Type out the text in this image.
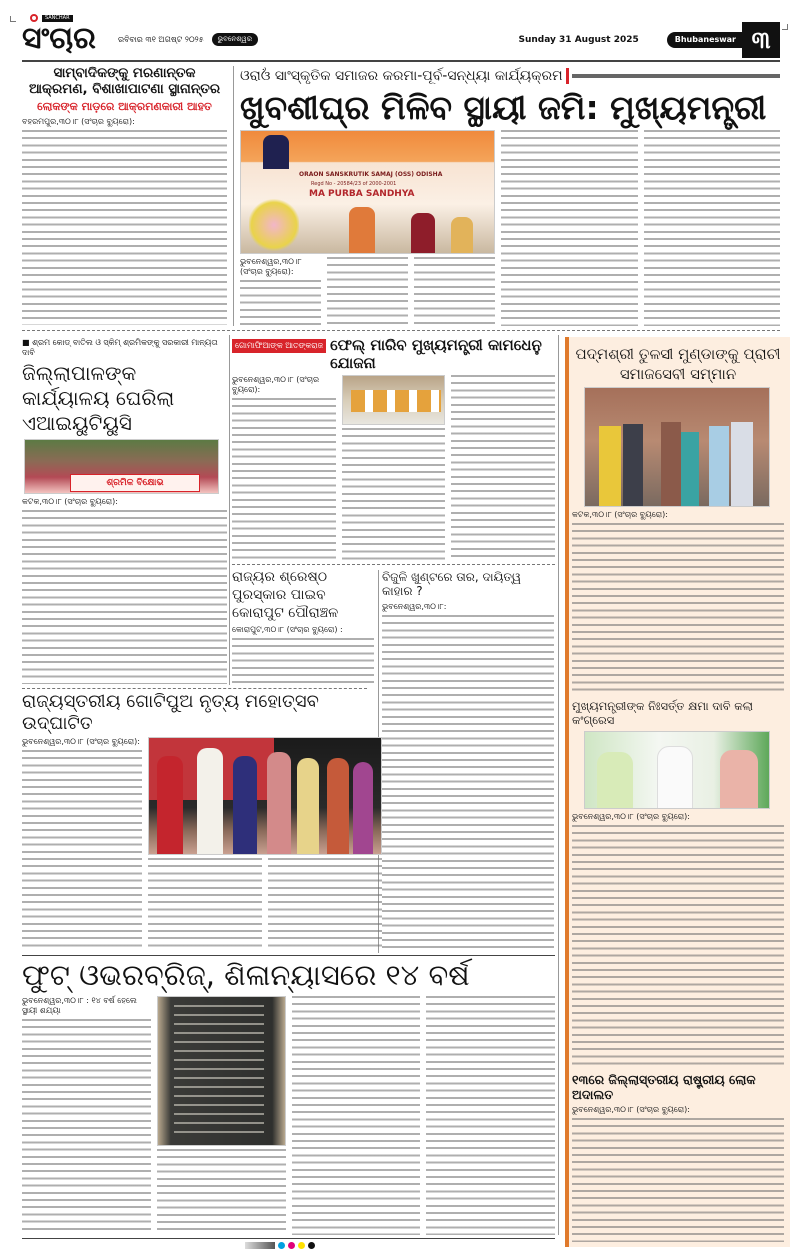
SANCHAR
ସଂଚାର	ରବିବାର ୩୧ ଅଗଷ୍ଟ ୨୦୨୫	ଭୁବନେଶ୍ୱର	Sunday 31 August 2025	Bhubaneswar ୩
ସାମ୍ବାଦିକଙ୍କୁ ମରଣାନ୍ତକ ଆକ୍ରମଣ, ବିଶାଖାପାଟଣା ସ୍ଥାନାନ୍ତର
ଲୋକଙ୍କ ମାଡ଼ରେ ଆକ୍ରମଣକାରୀ ଆହତ
ବହରମପୁର,୩୦।୮ (ସଂଚାର ବ୍ୟୁରୋ):
ଓରାଓଁ ସାଂସ୍କୃତିକ ସମାଜର କରମା-ପୂର୍ବ-ସନ୍ଧ୍ୟା କାର୍ଯ୍ୟକ୍ରମ
ଖୁବଶୀଘ୍ର ମିଳିବ ସ୍ଥାୟୀ ଜମି: ମୁଖ୍ୟମନ୍ତ୍ରୀ
ORAON SANSKRUTIK SAMAJ (OSS) ODISHA
Regd No - 20584/23 of 2000-2001
MA PURBA SANDHYA
ଭୁବନେଶ୍ୱର,୩୦।୮ (ସଂଚାର ବ୍ୟୁରୋ):
■ ଶ୍ରମ କୋଡ୍ ବାତିଲ ଓ ସ୍କିମ୍ ଶ୍ରମିକଙ୍କୁ ସରକାରୀ ମାନ୍ୟତା ଦାବି
ଜିଲ୍ଲାପାଳଙ୍କ କାର୍ଯ୍ୟାଳୟ ଘେରିଲା ଏଆଇୟୁଟିୟୁସି
ଶ୍ରମିକ ବିକ୍ଷୋଭ
କଟକ,୩୦।୮ (ସଂଚାର ବ୍ୟୁରୋ):
ଗୋମାଫିଆଙ୍କ ଆତଙ୍କରାଜ ଫେଲ୍ ମାରିବ ମୁଖ୍ୟମନ୍ତ୍ରୀ କାମଧେନୁ ଯୋଜନା
ଭୁବନେଶ୍ୱର,୩୦।୮ (ସଂଚାର ବ୍ୟୁରୋ):
ରାଜ୍ୟର ଶ୍ରେଷ୍ଠ ପୁରସ୍କାର ପାଇବ କୋରାପୁଟ ପୌରାଞ୍ଚଳ
କୋରାପୁଟ,୩୦।୮ (ସଂଚାର ବ୍ୟୁରୋ) :
ବିଜୁଳି ଖୁଣ୍ଟରେ ତାର, ଦାୟିତ୍ୱ କାହାର ?
ଭୁବନେଶ୍ୱର,୩୦।୮:
ପଦ୍ମଶ୍ରୀ ତୁଳସୀ ମୁଣ୍ଡାଙ୍କୁ ପ୍ରାଚୀ ସମାଜସେବୀ ସମ୍ମାନ
କଟକ,୩୦।୮ (ସଂଚାର ବ୍ୟୁରୋ):
ମୁଖ୍ୟମନ୍ତ୍ରୀଙ୍କ ନିଃସର୍ତ୍ତ କ୍ଷମା ଦାବି କଲା କଂଗ୍ରେସ
ଭୁବନେଶ୍ୱର,୩୦।୮ (ସଂଚାର ବ୍ୟୁରୋ):
୧୩ରେ ଜିଲ୍ଲାସ୍ତରୀୟ ରାଷ୍ଟ୍ରୀୟ ଲୋକ ଅଦାଲତ
ଭୁବନେଶ୍ୱର,୩୦।୮ (ସଂଚାର ବ୍ୟୁରୋ):
ରାଜ୍ୟସ୍ତରୀୟ ଗୋଟିପୁଅ ନୃତ୍ୟ ମହୋତ୍ସବ ଉଦ୍‌ଘାଟିତ
ଭୁବନେଶ୍ୱର,୩୦।୮ (ସଂଚାର ବ୍ୟୁରୋ):
ଫୁଟ୍ ଓଭରବ୍ରିଜ୍, ଶିଳାନ୍ୟାସରେ ୧୪ ବର୍ଷ
ଭୁବନେଶ୍ୱର,୩୦।୮ : ୧୪ ବର୍ଷ ହେଲେ ସ୍ଥାୟୀ ଶଯ୍ୟା
